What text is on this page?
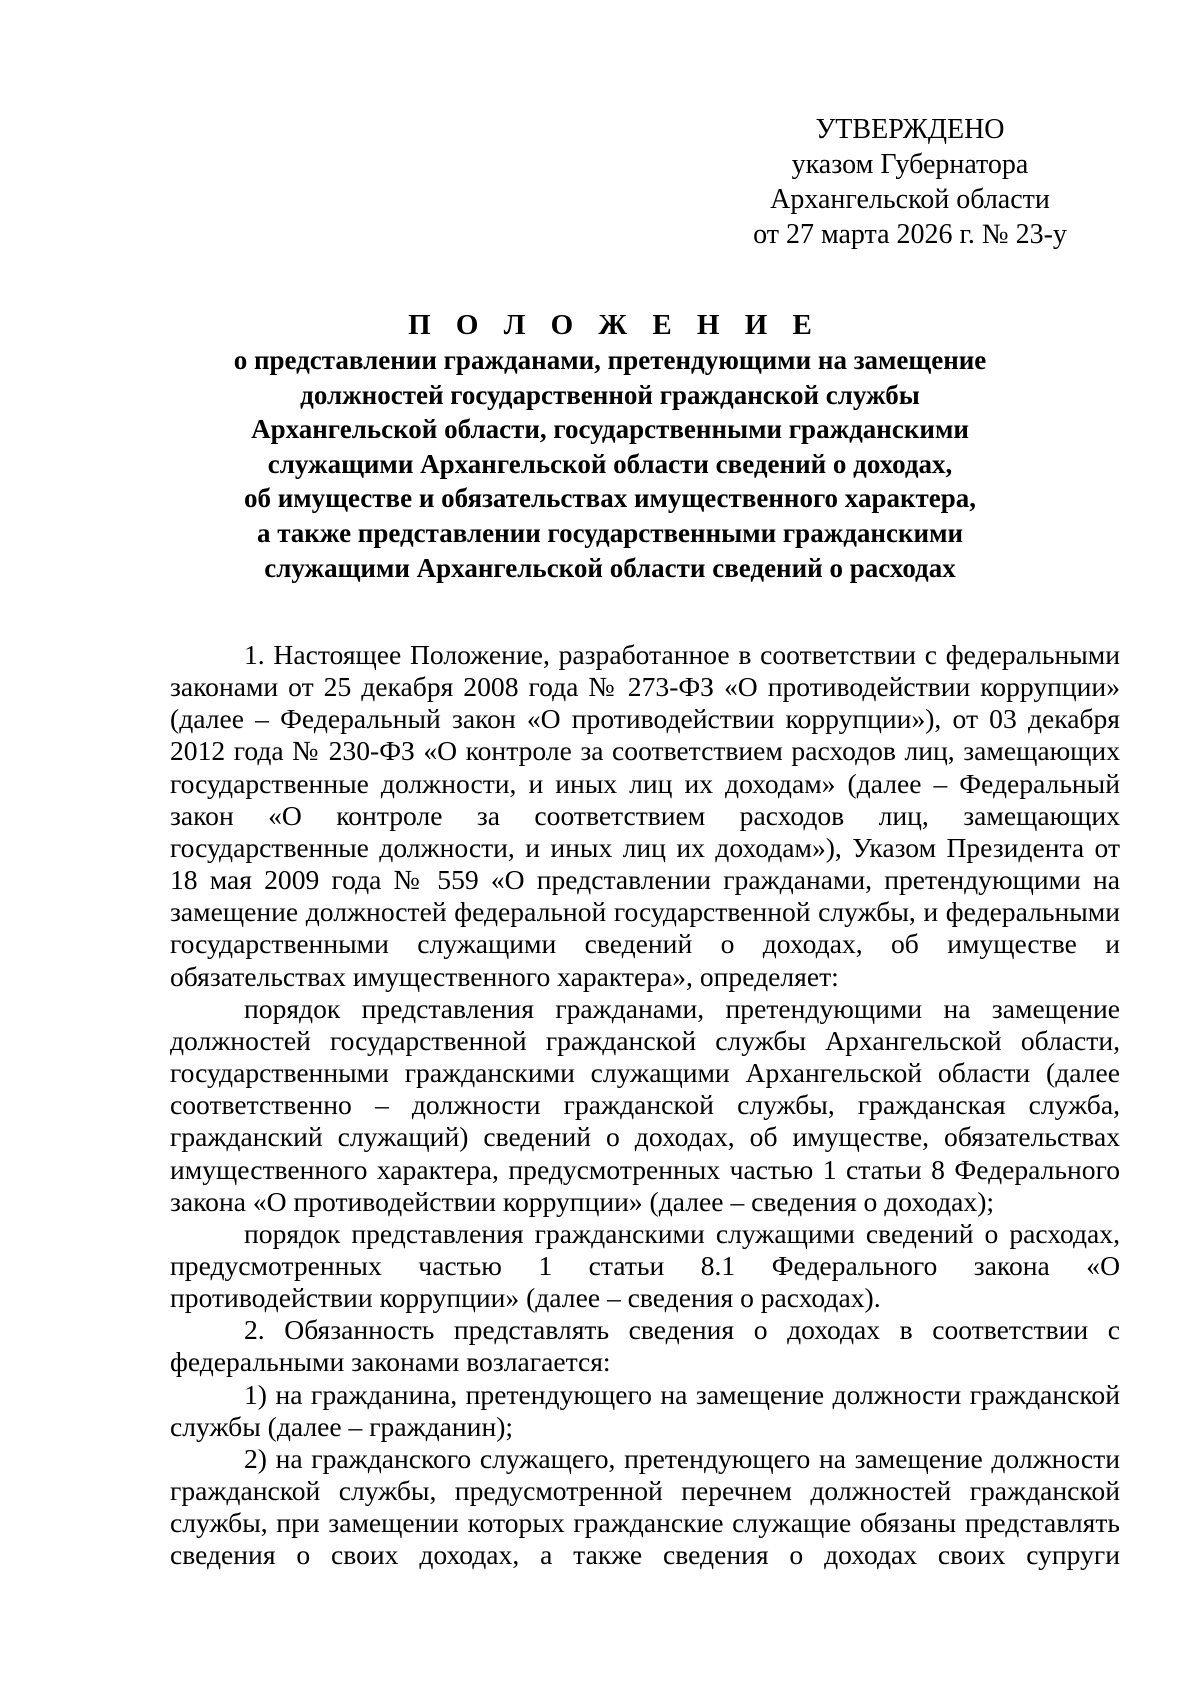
УТВЕРЖДЕНО
указом Губернатора
Архангельской области
от 27 марта 2026 г. № 23-у
П О Л О Ж Е Н И Е
о представлении гражданами, претендующими на замещение
должностей государственной гражданской службы
Архангельской области, государственными гражданскими
служащими Архангельской области сведений о доходах,
об имуществе и обязательствах имущественного характера,
а также представлении государственными гражданскими
служащими Архангельской области сведений о расходах

1. Настоящее Положение, разработанное в соответствии с федеральными законами от 25 декабря 2008 года № 273-ФЗ «О противодействии коррупции» (далее – Федеральный закон «О противодействии коррупции»), от 03 декабря 2012 года № 230-ФЗ «О контроле за соответствием расходов лиц, замещающих государственные должности, и иных лиц их доходам» (далее – Федеральный закон «О контроле за соответствием расходов лиц, замещающих государственные должности, и иных лиц их доходам»), Указом Президента от 18 мая 2009 года № 559 «О представлении гражданами, претендующими на замещение должностей федеральной государственной службы, и федеральными государственными служащими сведений о доходах, об имуществе и обязательствах имущественного характера», определяет:

порядок представления гражданами, претендующими на замещение должностей государственной гражданской службы Архангельской области, государственными гражданскими служащими Архангельской области (далее соответственно – должности гражданской службы, гражданская служба, гражданский служащий) сведений о доходах, об имуществе, обязательствах имущественного характера, предусмотренных частью 1 статьи 8 Федерального закона «О противодействии коррупции» (далее – сведения о доходах);

порядок представления гражданскими служащими сведений о расходах, предусмотренных частью 1 статьи 8.1 Федерального закона «О противодействии коррупции» (далее – сведения о расходах).

2. Обязанность представлять сведения о доходах в соответствии с федеральными законами возлагается:

1) на гражданина, претендующего на замещение должности гражданской службы (далее – гражданин);

2) на гражданского служащего, претендующего на замещение должности гражданской службы, предусмотренной перечнем должностей гражданской службы, при замещении которых гражданские служащие обязаны представлять сведения о своих доходах, а также сведения о доходах своих супруги
